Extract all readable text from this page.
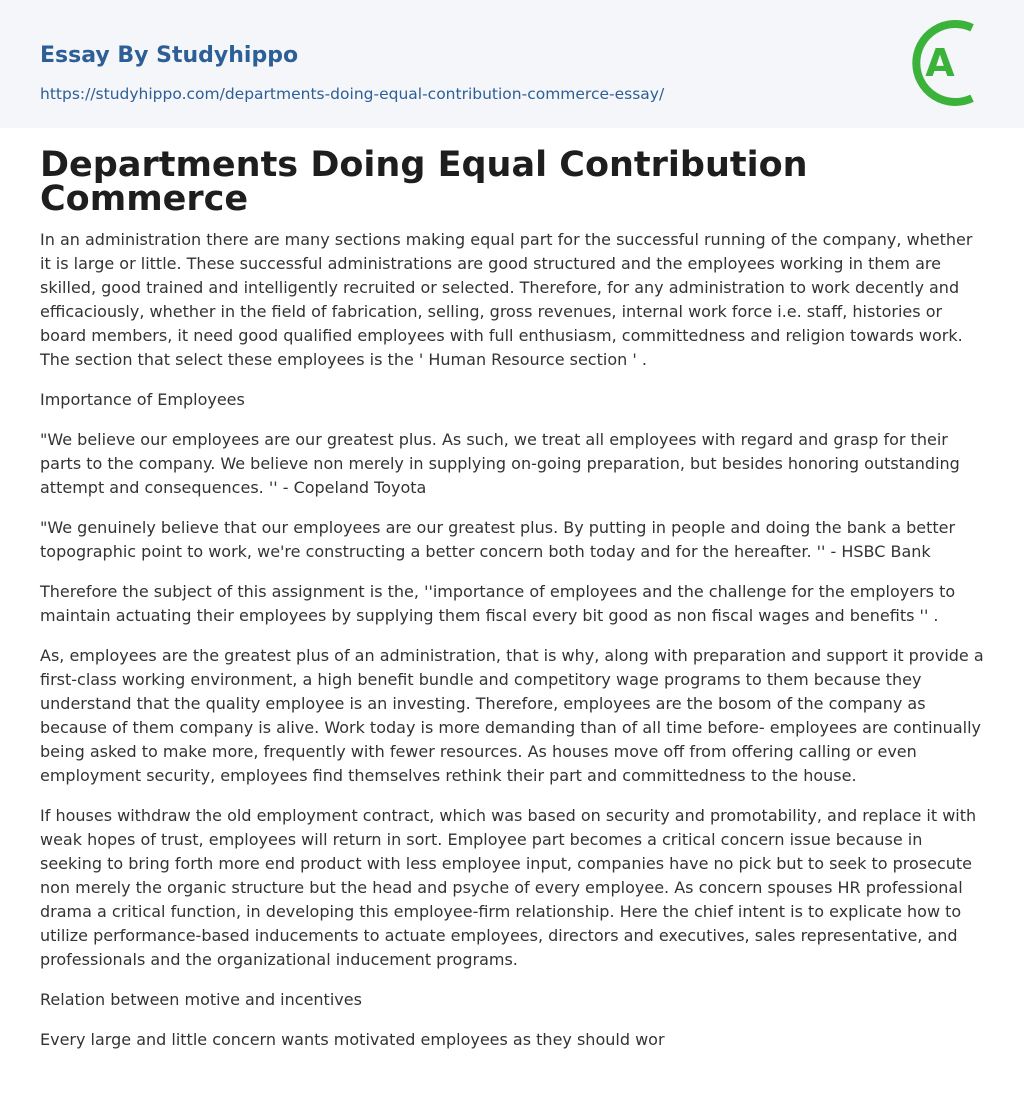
Essay By Studyhippo
https://studyhippo.com/departments-doing-equal-contribution-commerce-essay/
A
Departments Doing Equal Contribution Commerce

In an administration there are many sections making equal part for the successful running of the company, whether it is large or little. These successful administrations are good structured and the employees working in them are skilled, good trained and intelligently recruited or selected. Therefore, for any administration to work decently and efficaciously, whether in the field of fabrication, selling, gross revenues, internal work force i.e. staff, histories or board members, it need good qualified employees with full enthusiasm, committedness and religion towards work. The section that select these employees is the ' Human Resource section ' .

Importance of Employees

"We believe our employees are our greatest plus. As such, we treat all employees with regard and grasp for their parts to the company. We believe non merely in supplying on-going preparation, but besides honoring outstanding attempt and consequences. '' - Copeland Toyota

"We genuinely believe that our employees are our greatest plus. By putting in people and doing the bank a better topographic point to work, we're constructing a better concern both today and for the hereafter. '' - HSBC Bank

Therefore the subject of this assignment is the, ''importance of employees and the challenge for the employers to maintain actuating their employees by supplying them fiscal every bit good as non fiscal wages and benefits '' .

As, employees are the greatest plus of an administration, that is why, along with preparation and support it provide a first-class working environment, a high benefit bundle and competitory wage programs to them because they understand that the quality employee is an investing. Therefore, employees are the bosom of the company as because of them company is alive. Work today is more demanding than of all time before- employees are continually being asked to make more, frequently with fewer resources. As houses move off from offering calling or even employment security, employees find themselves rethink their part and committedness to the house.

If houses withdraw the old employment contract, which was based on security and promotability, and replace it with weak hopes of trust, employees will return in sort. Employee part becomes a critical concern issue because in seeking to bring forth more end product with less employee input, companies have no pick but to seek to prosecute non merely the organic structure but the head and psyche of every employee. As concern spouses HR professional drama a critical function, in developing this employee-firm relationship. Here the chief intent is to explicate how to utilize performance-based inducements to actuate employees, directors and executives, sales representative, and professionals and the organizational inducement programs.

Relation between motive and incentives

Every large and little concern wants motivated employees as they should wor
